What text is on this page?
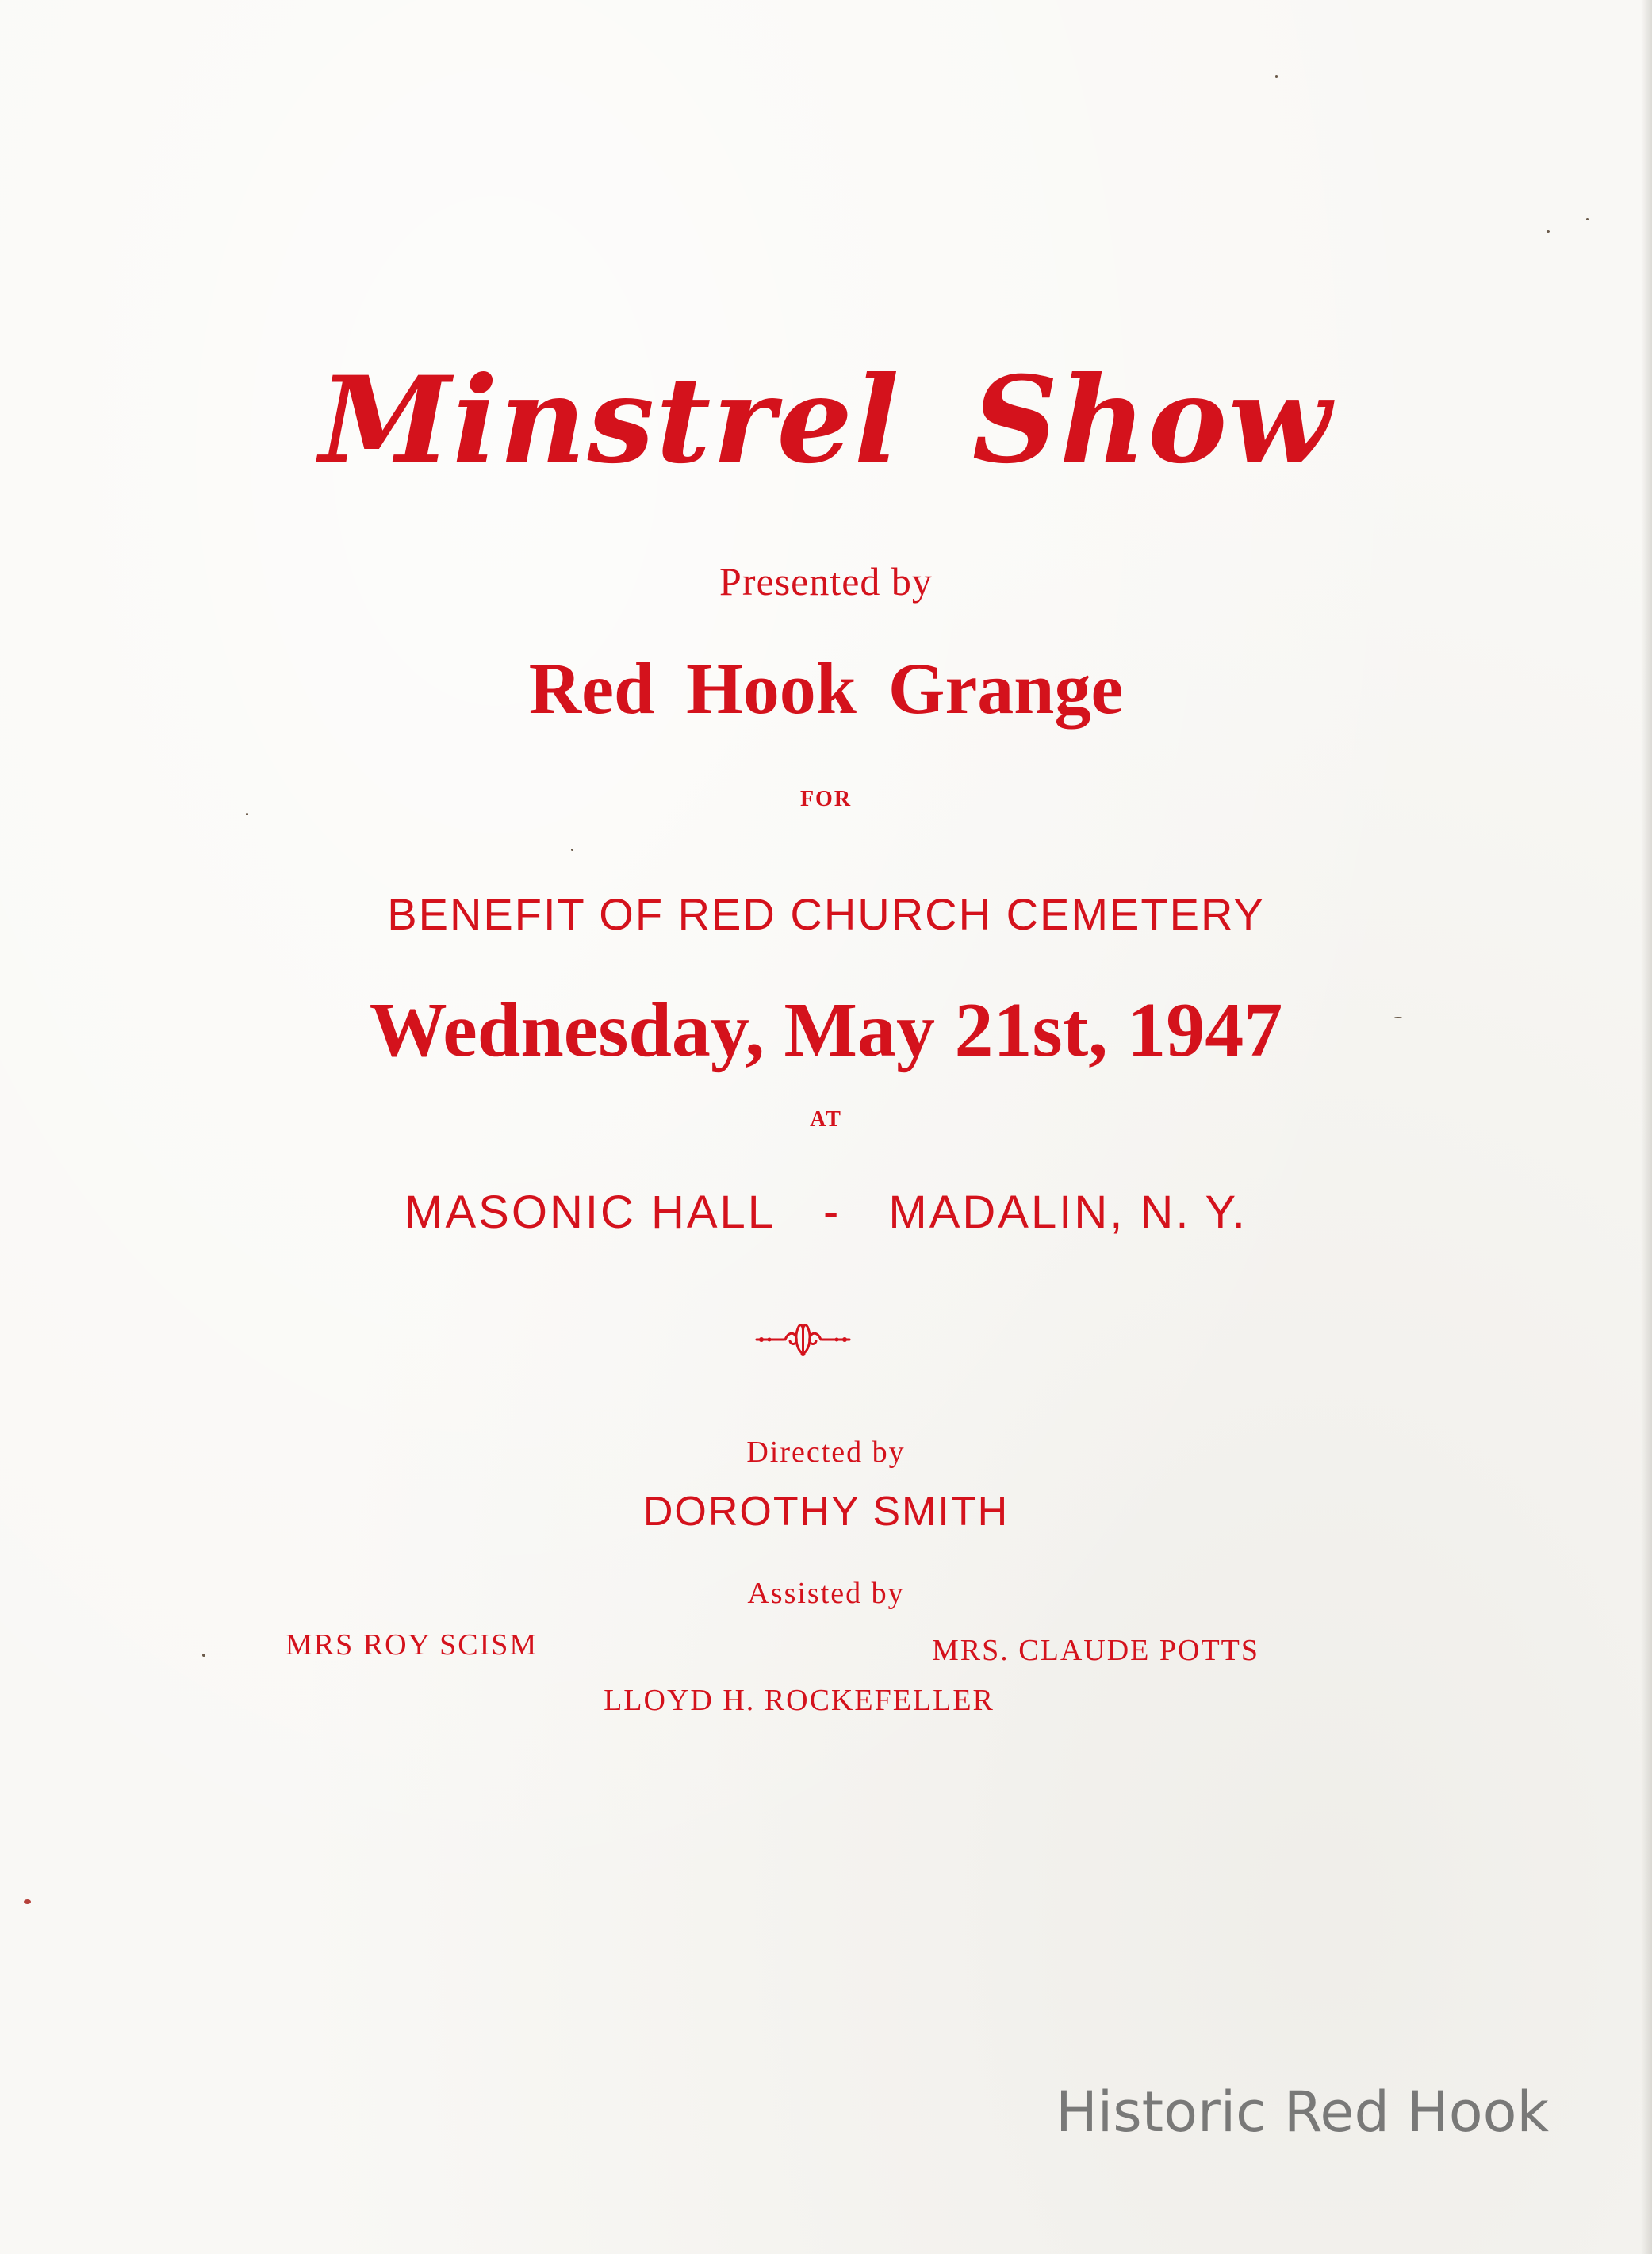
Minstrel Show
Presented by
Red Hook Grange
FOR
BENEFIT OF RED CHURCH CEMETERY
Wednesday, May 21st, 1947
AT
MASONIC HALL - MADALIN, N. Y.
Directed by
DOROTHY SMITH
Assisted by
MRS ROY SCISM	MRS. CLAUDE POTTS
LLOYD H. ROCKEFELLER
Historic Red Hook
